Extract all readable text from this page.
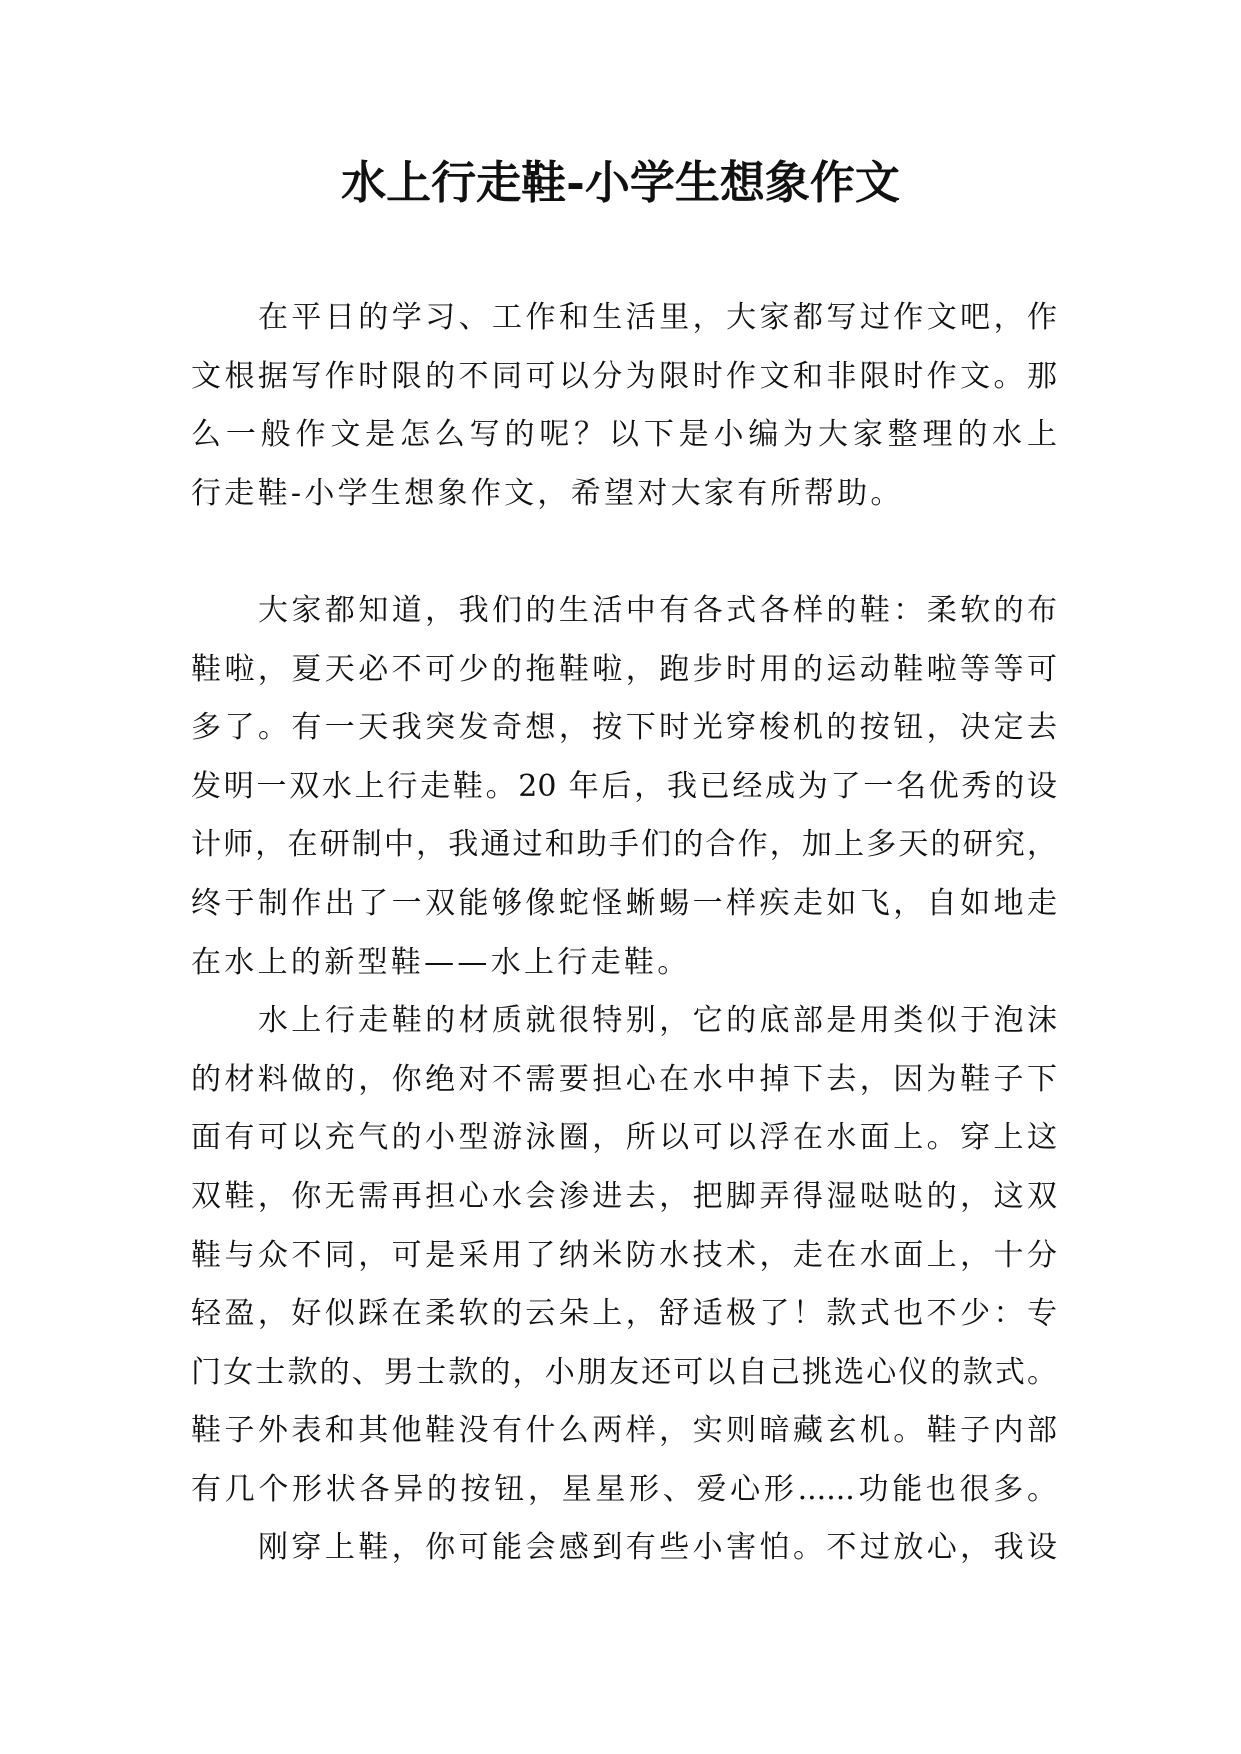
水上行走鞋-小学生想象作文
在平日的学习、工作和生活里，大家都写过作文吧，作
文根据写作时限的不同可以分为限时作文和非限时作文。那
么一般作文是怎么写的呢？以下是小编为大家整理的水上
行走鞋-小学生想象作文，希望对大家有所帮助。
大家都知道，我们的生活中有各式各样的鞋：柔软的布
鞋啦，夏天必不可少的拖鞋啦，跑步时用的运动鞋啦等等可
多了。有一天我突发奇想，按下时光穿梭机的按钮，决定去
发明一双水上行走鞋。20 年后，我已经成为了一名优秀的设
计师，在研制中，我通过和助手们的合作，加上多天的研究，
终于制作出了一双能够像蛇怪蜥蜴一样疾走如飞，自如地走
在水上的新型鞋——水上行走鞋。
水上行走鞋的材质就很特别，它的底部是用类似于泡沫
的材料做的，你绝对不需要担心在水中掉下去，因为鞋子下
面有可以充气的小型游泳圈，所以可以浮在水面上。穿上这
双鞋，你无需再担心水会渗进去，把脚弄得湿哒哒的，这双
鞋与众不同，可是采用了纳米防水技术，走在水面上，十分
轻盈，好似踩在柔软的云朵上，舒适极了！款式也不少：专
门女士款的、男士款的，小朋友还可以自己挑选心仪的款式。
鞋子外表和其他鞋没有什么两样，实则暗藏玄机。鞋子内部
有几个形状各异的按钮，星星形、爱心形......功能也很多。
刚穿上鞋，你可能会感到有些小害怕。不过放心，我设
